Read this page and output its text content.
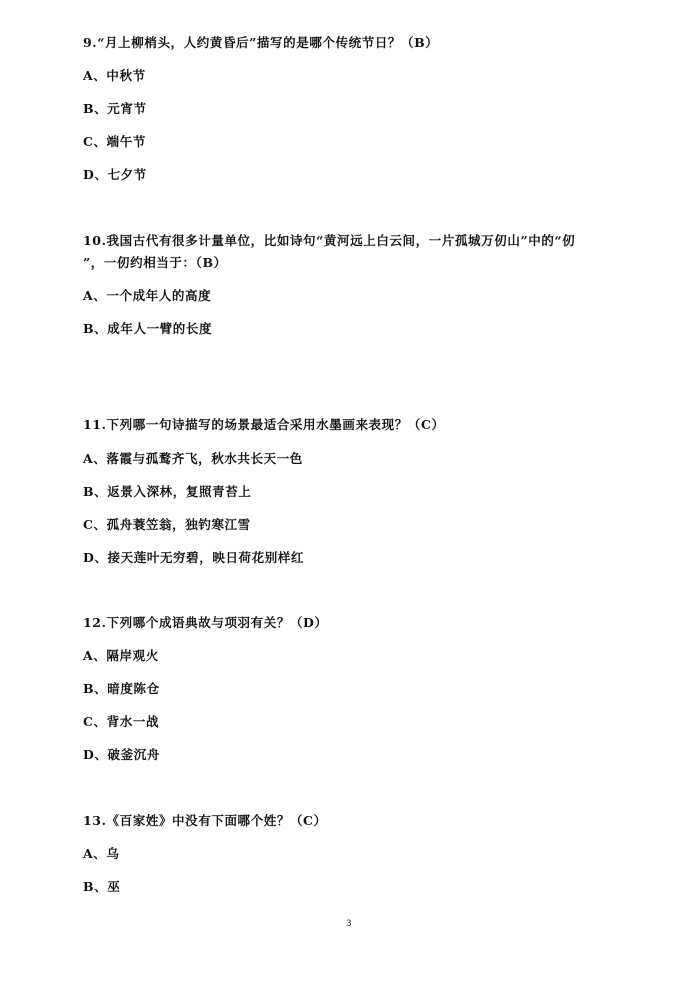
9.“月上柳梢头，人约黄昏后”描写的是哪个传统节日？（B）
A、中秋节
B、元宵节
C、端午节
D、七夕节
10.我国古代有很多计量单位，比如诗句“黄河远上白云间，一片孤城万仞山”中的“仞
”，一仞约相当于：（B）
A、一个成年人的高度
B、成年人一臂的长度
11.下列哪一句诗描写的场景最适合采用水墨画来表现？（C）
A、落霞与孤鹜齐飞，秋水共长天一色
B、返景入深林，复照青苔上
C、孤舟蓑笠翁，独钓寒江雪
D、接天莲叶无穷碧，映日荷花别样红
12.下列哪个成语典故与项羽有关？（D）
A、隔岸观火
B、暗度陈仓
C、背水一战
D、破釜沉舟
13.《百家姓》中没有下面哪个姓？（C）
A、乌
B、巫
3
